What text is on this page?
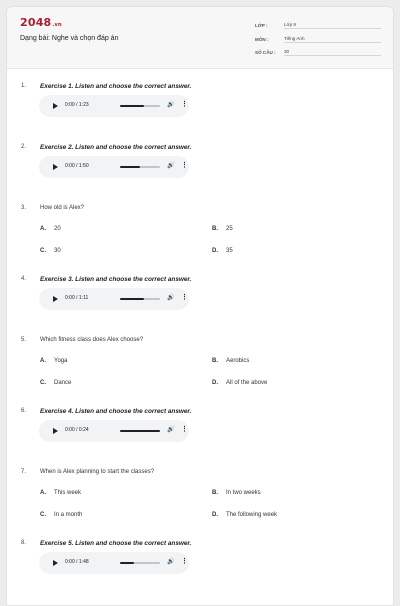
2048.vn
Dạng bài: Nghe và chọn đáp án
LỚP :	Lớp 9
MÔN :	Tiếng Anh
SỐ CÂU :	30
1. Exercise 1. Listen and choose the correct answer.
0:00 / 1:23	🔊 ⋮
2. Exercise 2. Listen and choose the correct answer.
0:00 / 1:50	🔊 ⋮
3. How old is Alex?
A. 20	B. 25
C. 30	D. 35
4. Exercise 3. Listen and choose the correct answer.
0:00 / 1:11	🔊 ⋮
5. Which fitness class does Alex choose?
A. Yoga	B. Aerobics
C. Dance	D. All of the above
6. Exercise 4. Listen and choose the correct answer.
0:00 / 0:24	🔊 ⋮
7. When is Alex planning to start the classes?
A. This week	B. In two weeks
C. In a month	D. The following week
8. Exercise 5. Listen and choose the correct answer.
0:00 / 1:48	🔊 ⋮
